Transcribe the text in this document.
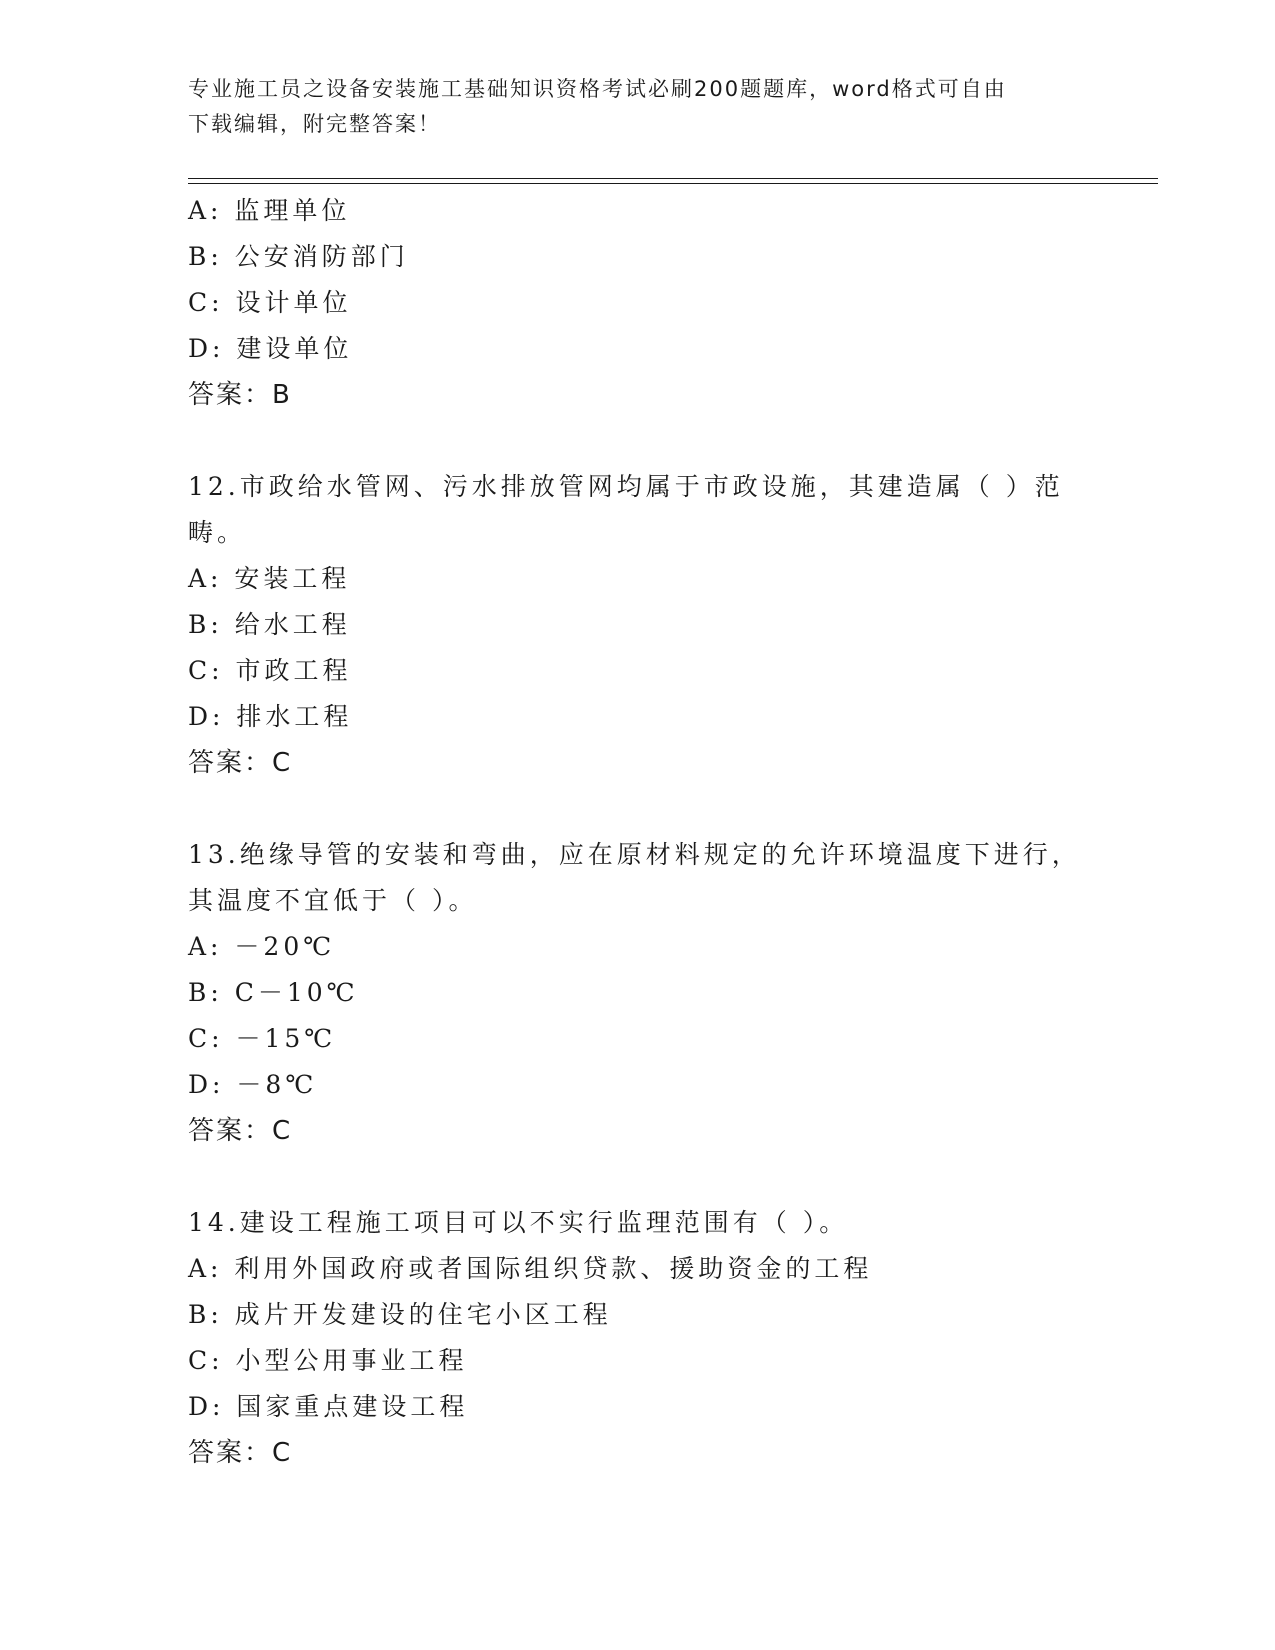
专业施工员之设备安装施工基础知识资格考试必刷200题题库，word格式可自由
下载编辑，附完整答案！
A: 监理单位
B: 公安消防部门
C: 设计单位
D: 建设单位
答案：B
12.市政给水管网、污水排放管网均属于市政设施，其建造属（ ）范
畴。
A: 安装工程
B: 给水工程
C: 市政工程
D: 排水工程
答案：C
13.绝缘导管的安装和弯曲，应在原材料规定的允许环境温度下进行，
其温度不宜低于（ ）。
A: －20℃
B: C－10℃
C: －15℃
D: －8℃
答案：C
14.建设工程施工项目可以不实行监理范围有（ ）。
A: 利用外国政府或者国际组织贷款、援助资金的工程
B: 成片开发建设的住宅小区工程
C: 小型公用事业工程
D: 国家重点建设工程
答案：C
